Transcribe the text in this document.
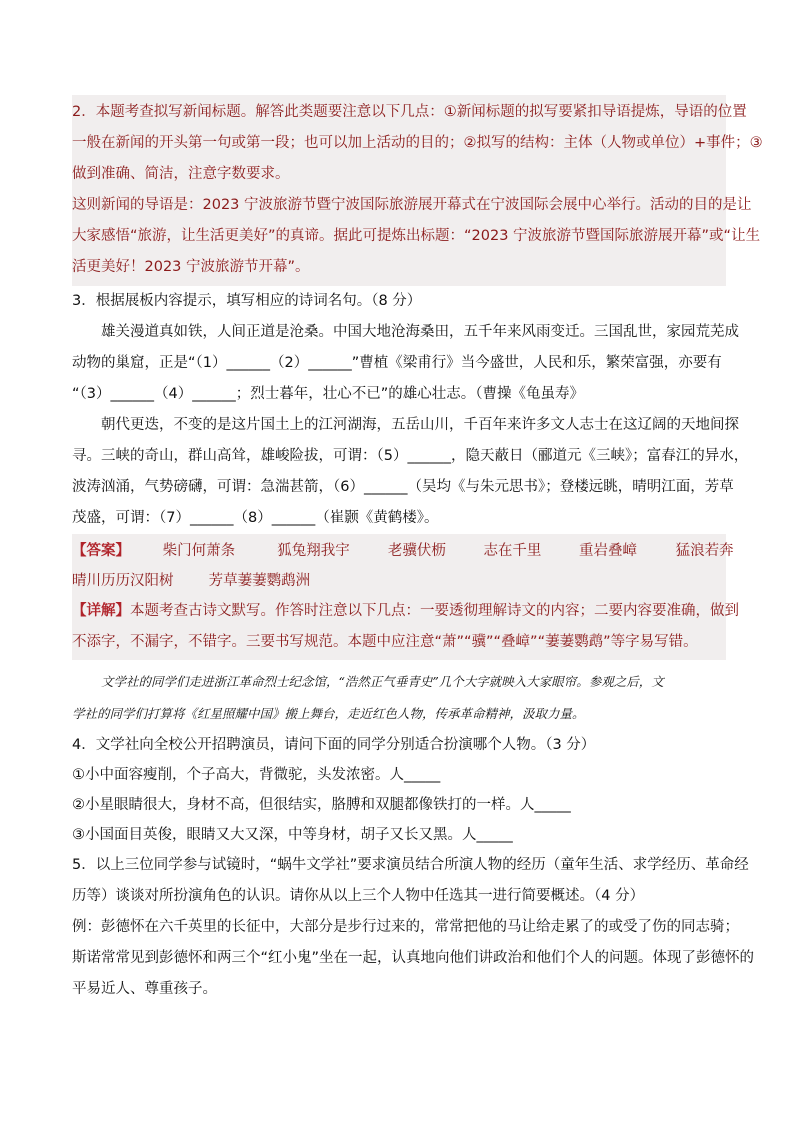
2．本题考查拟写新闻标题。解答此类题要注意以下几点：①新闻标题的拟写要紧扣导语提炼，导语的位置
一般在新闻的开头第一句或第一段；也可以加上活动的目的；②拟写的结构：主体（人物或单位）+事件；③
做到准确、简洁，注意字数要求。
这则新闻的导语是：2023 宁波旅游节暨宁波国际旅游展开幕式在宁波国际会展中心举行。活动的目的是让
大家感悟“旅游，让生活更美好”的真谛。据此可提炼出标题：“2023 宁波旅游节暨国际旅游展开幕”或“让生
活更美好！2023 宁波旅游节开幕”。
3．根据展板内容提示，填写相应的诗词名句。（8 分）
雄关漫道真如铁，人间正道是沧桑。中国大地沧海桑田，五千年来风雨变迁。三国乱世，家园荒芜成
动物的巢窟，正是“（1）______（2）______”曹植《梁甫行》当今盛世，人民和乐，繁荣富强，亦要有
“（3）______（4）______；烈士暮年，壮心不已”的雄心壮志。（曹操《龟虽寿》
朝代更迭，不变的是这片国土上的江河湖海，五岳山川，千百年来许多文人志士在这辽阔的天地间探
寻。三峡的奇山，群山高耸，雄峻险拔，可谓：（5）______，隐天蔽日（郦道元《三峡》；富春江的异水，
波涛汹涌，气势磅礴，可谓：急湍甚箭，（6）______（吴均《与朱元思书》；登楼远眺，晴明江面，芳草
茂盛，可谓：（7）______（8）______（崔颢《黄鹤楼》。
【答案】 柴门何萧条	狐兔翔我宇	老骥伏枥	志在千里	重岩叠嶂	猛浪若奔
晴川历历汉阳树 芳草萋萋鹦鹉洲
【详解】本题考查古诗文默写。作答时注意以下几点：一要透彻理解诗文的内容；二要内容要准确，做到
不添字，不漏字，不错字。三要书写规范。本题中应注意“萧”“骥”“叠嶂”“萋萋鹦鹉”等字易写错。
文学社的同学们走进浙江革命烈士纪念馆，“浩然正气垂青史”几个大字就映入大家眼帘。参观之后，文
学社的同学们打算将《红星照耀中国》搬上舞台，走近红色人物，传承革命精神，汲取力量。
4．文学社向全校公开招聘演员，请问下面的同学分别适合扮演哪个人物。（3 分）
①小中面容瘦削，个子高大，背微驼，头发浓密。人_____
②小星眼睛很大，身材不高，但很结实，胳膊和双腿都像铁打的一样。人_____
③小国面目英俊，眼睛又大又深，中等身材，胡子又长又黑。人_____
5．以上三位同学参与试镜时，“蜗牛文学社”要求演员结合所演人物的经历（童年生活、求学经历、革命经
历等）谈谈对所扮演角色的认识。请你从以上三个人物中任选其一进行简要概述。（4 分）
例：彭德怀在六千英里的长征中，大部分是步行过来的，常常把他的马让给走累了的或受了伤的同志骑；
斯诺常常见到彭德怀和两三个“红小鬼”坐在一起，认真地向他们讲政治和他们个人的问题。体现了彭德怀的
平易近人、尊重孩子。
